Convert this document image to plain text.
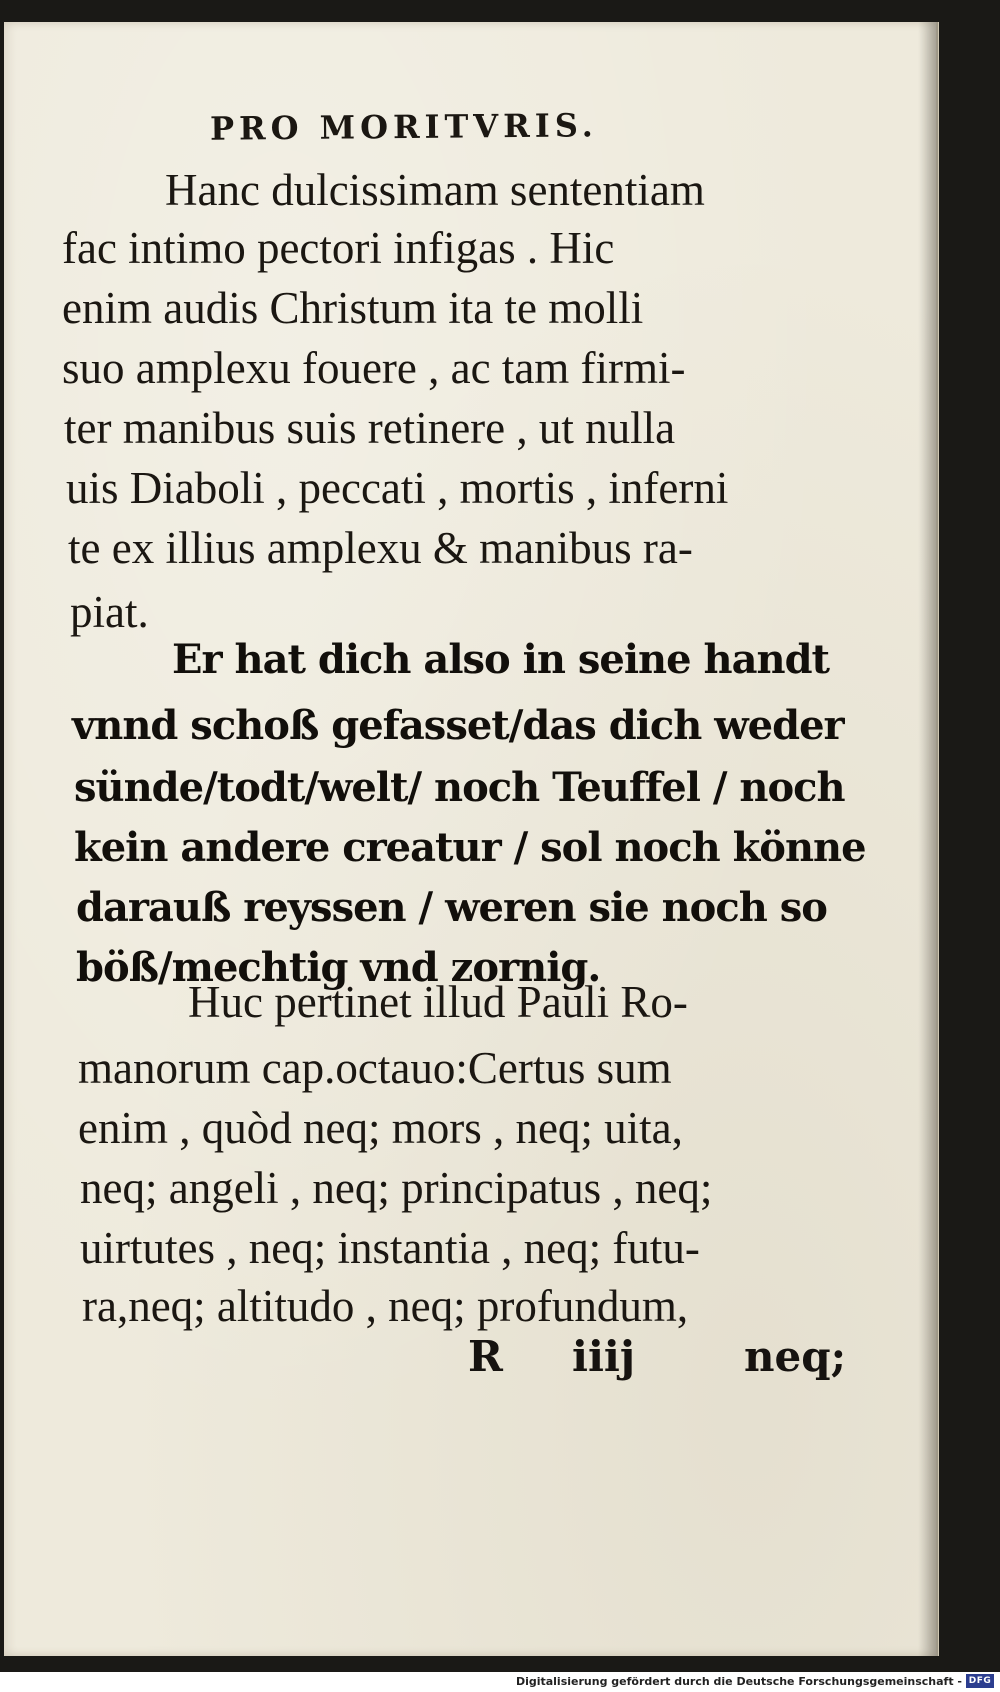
PRO MORITVRIS.
Hanc dulcissimam sententiam
fac intimo pectori infigas . Hic
enim audis Christum ita te molli
suo amplexu fouere , ac tam firmi-
ter manibus suis retinere , ut nulla
uis Diaboli , peccati , mortis , inferni
te ex illius amplexu & manibus ra-
piat.
Er hat dich also in seine handt
vnnd schoß gefasset/das dich weder
sünde/todt/welt/ noch Teuffel / noch
kein andere creatur / sol noch könne
darauß reyssen / weren sie noch so
böß/mechtig vnd zornig.
Huc pertinet illud Pauli Ro-
manorum cap.octauo:Certus sum
enim , quòd neq; mors , neq; uita,
neq; angeli , neq; principatus , neq;
uirtutes , neq; instantia , neq; futu-
ra,neq; altitudo , neq; profundum,
R iiij	neq;
Digitalisierung gefördert durch die Deutsche Forschungsgemeinschaft - DFG
